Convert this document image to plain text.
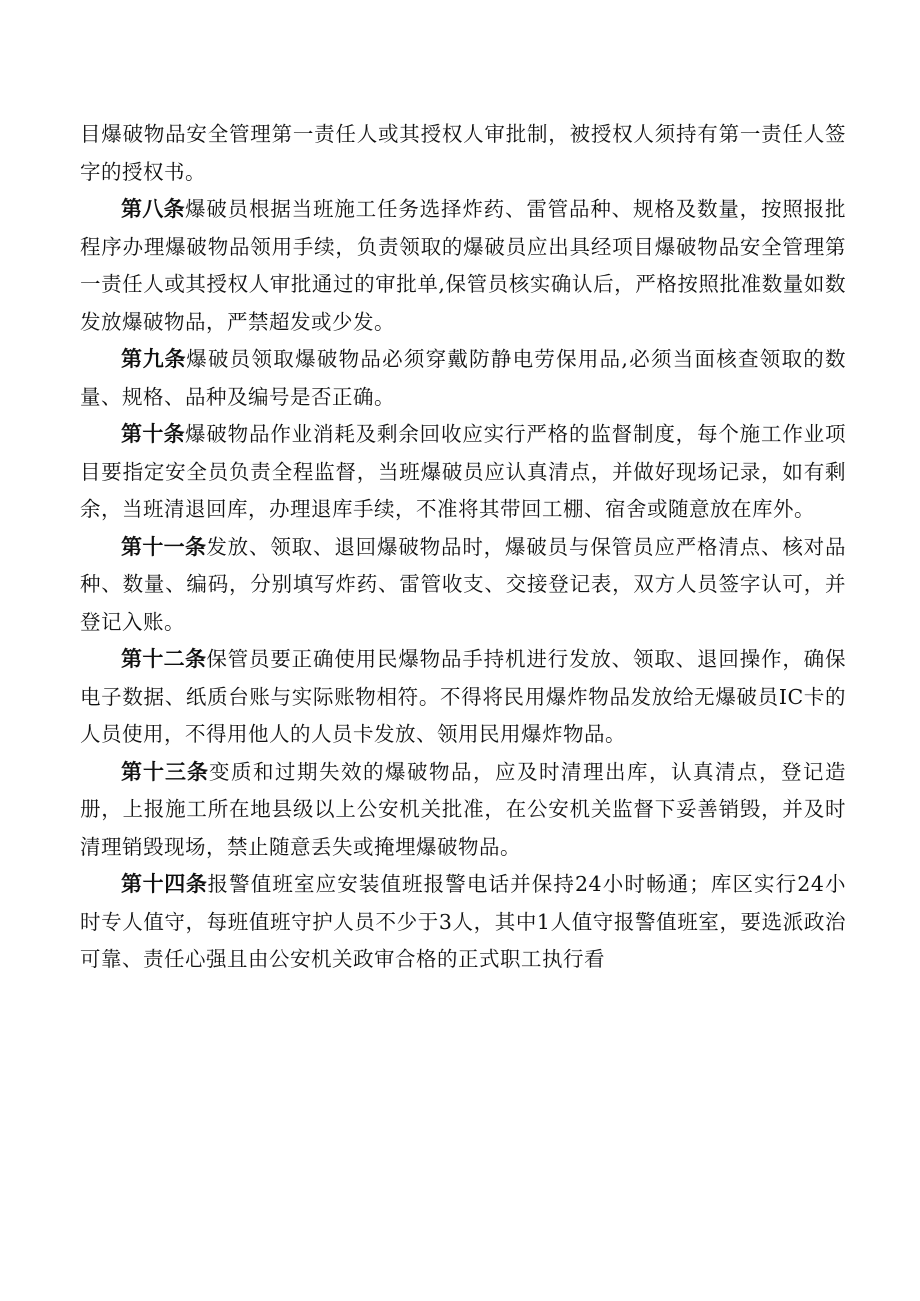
目爆破物品安全管理第一责任人或其授权人审批制，被授权人须持有第一责任人签字的授权书。

第八条爆破员根据当班施工任务选择炸药、雷管品种、规格及数量，按照报批程序办理爆破物品领用手续，负责领取的爆破员应出具经项目爆破物品安全管理第一责任人或其授权人审批通过的审批单,保管员核实确认后，严格按照批准数量如数发放爆破物品，严禁超发或少发。

第九条爆破员领取爆破物品必须穿戴防静电劳保用品,必须当面核查领取的数量、规格、品种及编号是否正确。

第十条爆破物品作业消耗及剩余回收应实行严格的监督制度，每个施工作业项目要指定安全员负责全程监督，当班爆破员应认真清点，并做好现场记录，如有剩余，当班清退回库，办理退库手续，不准将其带回工棚、宿舍或随意放在库外。

第十一条发放、领取、退回爆破物品时，爆破员与保管员应严格清点、核对品种、数量、编码，分别填写炸药、雷管收支、交接登记表，双方人员签字认可，并登记入账。

第十二条保管员要正确使用民爆物品手持机进行发放、领取、退回操作，确保电子数据、纸质台账与实际账物相符。不得将民用爆炸物品发放给无爆破员IC卡的人员使用，不得用他人的人员卡发放、领用民用爆炸物品。

第十三条变质和过期失效的爆破物品，应及时清理出库，认真清点，登记造册，上报施工所在地县级以上公安机关批准，在公安机关监督下妥善销毁，并及时清理销毁现场，禁止随意丢失或掩埋爆破物品。

第十四条报警值班室应安装值班报警电话并保持24小时畅通；库区实行24小时专人值守，每班值班守护人员不少于3人，其中1人值守报警值班室，要选派政治可靠、责任心强且由公安机关政审合格的正式职工执行看
